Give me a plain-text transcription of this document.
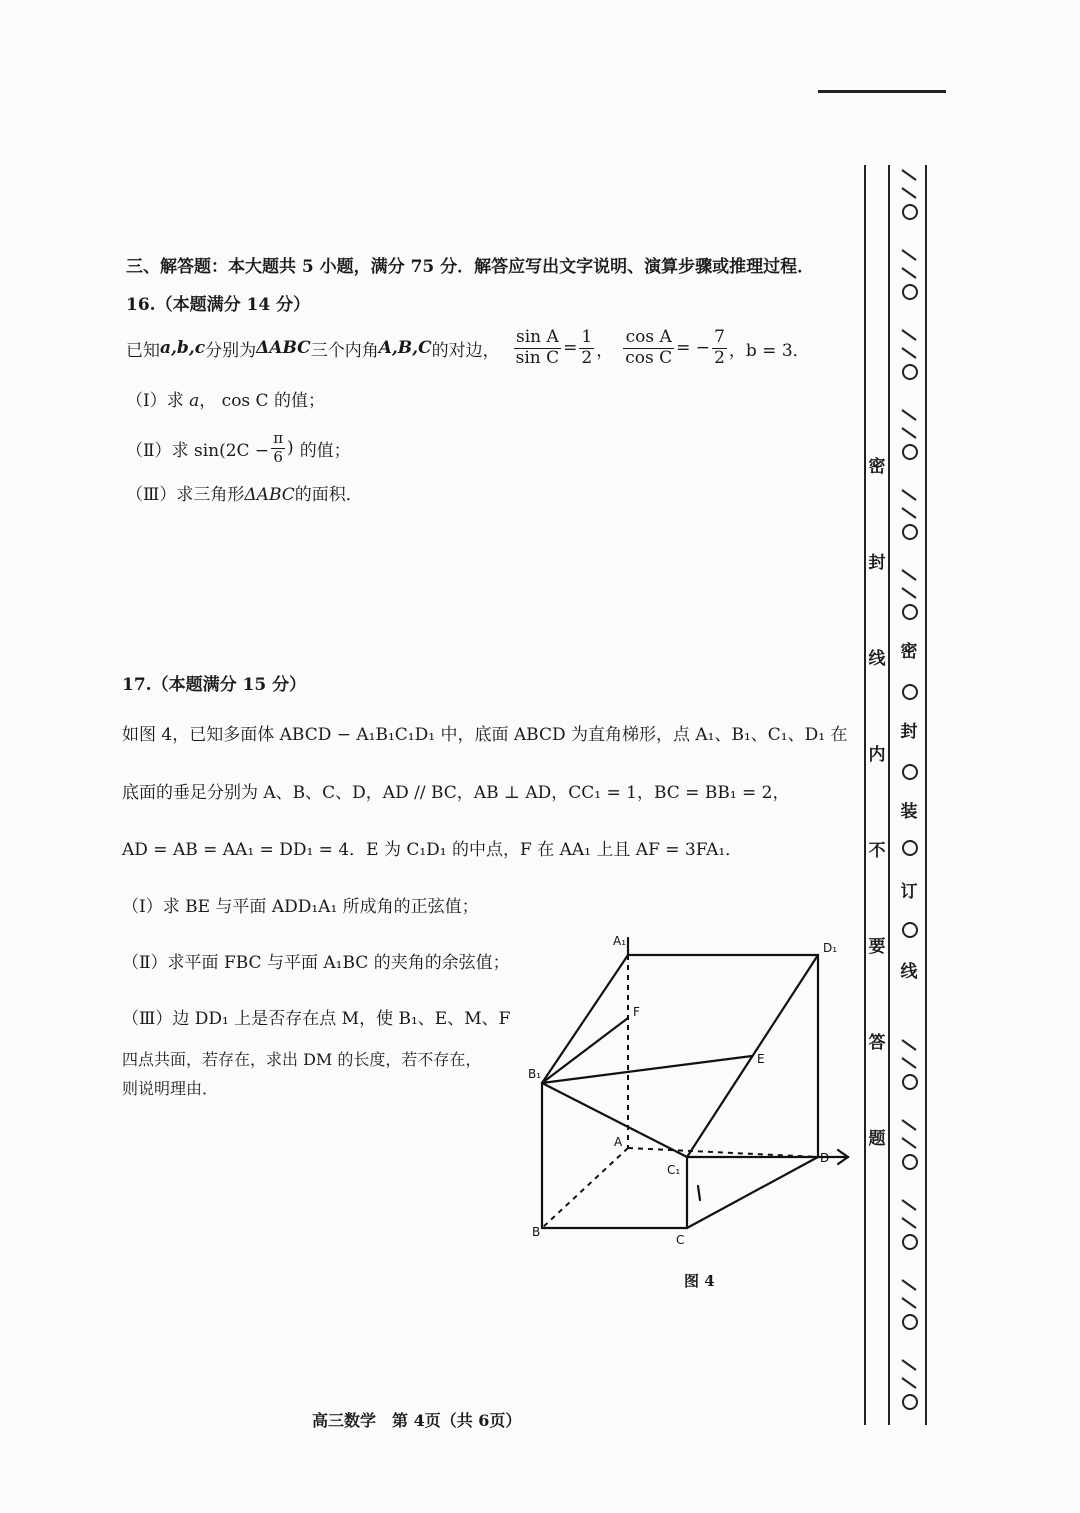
三、解答题：本大题共 5 小题，满分 75 分．解答应写出文字说明、演算步骤或推理过程．
16.（本题满分 14 分）
已知 a,b,c 分别为 ΔABC 三个内角 A,B,C 的对边， $\frac{\text{sin A}}{\text{sin C}} = \frac{1}{2}$ ， $\frac{\text{cos A}}{\text{cos C}}$ = − $\frac{7}{2}$ ，b = 3．
（Ⅰ）求 a， cos C 的值；
（Ⅱ） 求 $\sin(2C - \frac{\pi}{6}$ ) 的值；
（Ⅲ）求三角形ΔABC的面积．
17.（本题满分 15 分）
如图 4，已知多面体 ABCD − A₁B₁C₁D₁ 中，底面 ABCD 为直角梯形，点 A₁、B₁、C₁、D₁ 在
底面的垂足分别为 A、B、C、D，AD // BC，AB ⊥ AD，CC₁ = 1，BC = BB₁ = 2，
AD = AB = AA₁ = DD₁ = 4．E 为 C₁D₁ 的中点，F 在 AA₁ 上且 AF = 3FA₁．
（Ⅰ）求 BE 与平面 ADD₁A₁ 所成角的正弦值；
（Ⅱ）求平面 FBC 与平面 A₁BC 的夹角的余弦值；
（Ⅲ）边 DD₁ 上是否存在点 M，使 B₁、E、M、F
四点共面，若存在，求出 DM 的长度，若不存在，
则说明理由．
A₁	D₁
F
B₁
E
A
C₁
D
B
C
图 4
高三数学　第 4页（共 6页）
密
封
线
内
不
要
答
题
密
封
装
订
线
